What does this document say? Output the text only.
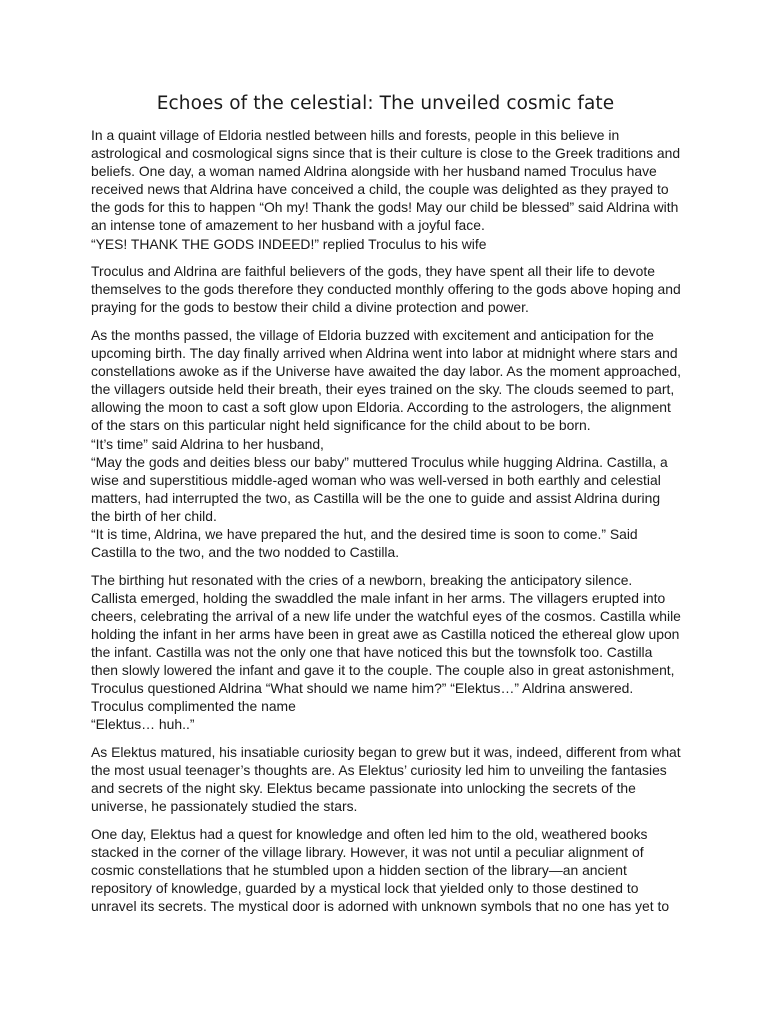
Echoes of the celestial: The unveiled cosmic fate

In a quaint village of Eldoria nestled between hills and forests, people in this believe in
astrological and cosmological signs since that is their culture is close to the Greek traditions and
beliefs. One day, a woman named Aldrina alongside with her husband named Troculus have
received news that Aldrina have conceived a child, the couple was delighted as they prayed to
the gods for this to happen “Oh my! Thank the gods! May our child be blessed” said Aldrina with
an intense tone of amazement to her husband with a joyful face.
“YES! THANK THE GODS INDEED!” replied Troculus to his wife

Troculus and Aldrina are faithful believers of the gods, they have spent all their life to devote
themselves to the gods therefore they conducted monthly offering to the gods above hoping and
praying for the gods to bestow their child a divine protection and power.

As the months passed, the village of Eldoria buzzed with excitement and anticipation for the
upcoming birth. The day finally arrived when Aldrina went into labor at midnight where stars and
constellations awoke as if the Universe have awaited the day labor. As the moment approached,
the villagers outside held their breath, their eyes trained on the sky. The clouds seemed to part,
allowing the moon to cast a soft glow upon Eldoria. According to the astrologers, the alignment
of the stars on this particular night held significance for the child about to be born.
“It’s time” said Aldrina to her husband,
“May the gods and deities bless our baby” muttered Troculus while hugging Aldrina. Castilla, a
wise and superstitious middle-aged woman who was well-versed in both earthly and celestial
matters, had interrupted the two, as Castilla will be the one to guide and assist Aldrina during
the birth of her child.
“It is time, Aldrina, we have prepared the hut, and the desired time is soon to come.” Said
Castilla to the two, and the two nodded to Castilla.

The birthing hut resonated with the cries of a newborn, breaking the anticipatory silence.
Callista emerged, holding the swaddled the male infant in her arms. The villagers erupted into
cheers, celebrating the arrival of a new life under the watchful eyes of the cosmos. Castilla while
holding the infant in her arms have been in great awe as Castilla noticed the ethereal glow upon
the infant. Castilla was not the only one that have noticed this but the townsfolk too. Castilla
then slowly lowered the infant and gave it to the couple. The couple also in great astonishment,
Troculus questioned Aldrina “What should we name him?” “Elektus…” Aldrina answered.
Troculus complimented the name
“Elektus… huh..”

As Elektus matured, his insatiable curiosity began to grew but it was, indeed, different from what
the most usual teenager’s thoughts are. As Elektus’ curiosity led him to unveiling the fantasies
and secrets of the night sky. Elektus became passionate into unlocking the secrets of the
universe, he passionately studied the stars.

One day, Elektus had a quest for knowledge and often led him to the old, weathered books
stacked in the corner of the village library. However, it was not until a peculiar alignment of
cosmic constellations that he stumbled upon a hidden section of the library—an ancient
repository of knowledge, guarded by a mystical lock that yielded only to those destined to
unravel its secrets. The mystical door is adorned with unknown symbols that no one has yet to
